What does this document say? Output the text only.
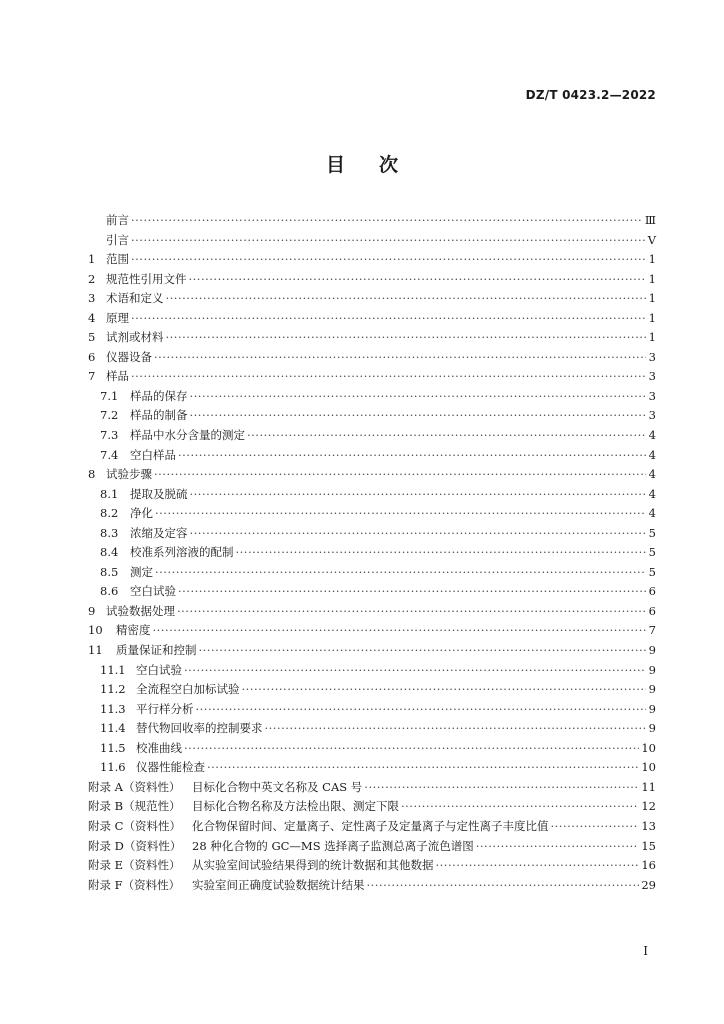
DZ/T 0423.2—2022
目 次
前言 ·····	Ⅲ
引言 ·····	Ⅴ
1 范围 ·····	1
2 规范性引用文件 ·····	1
3 术语和定义 ·····	1
4 原理 ·····	1
5 试剂或材料 ·····	1
6 仪器设备 ·····	3
7 样品 ·····	3
7.1	样品的保存 ·····	3
7.2	样品的制备 ·····	3
7.3	样品中水分含量的测定 ·····	4
7.4	空白样品 ·····	4
8 试验步骤 ·····	4
8.1	提取及脱硫 ·····	4
8.2	净化 ·····	4
8.3	浓缩及定容 ·····	5
8.4	校准系列溶液的配制 ·····	5
8.5	测定 ·····	5
8.6	空白试验 ·····	6
9 试验数据处理 ·····	6
10	精密度 ·····	7
11	质量保证和控制 ·····	9
11.1 空白试验 ·····	9
11.2 全流程空白加标试验 ·····	9
11.3 平行样分析 ·····	9
11.4 替代物回收率的控制要求 ·····	9
11.5 校准曲线 ·····	10
11.6 仪器性能检查 ·····	10
附录 A（资料性）	目标化合物中英文名称及 CAS 号 ·····	11
附录 B（规范性） 目标化合物名称及方法检出限、测定下限 ·····	12
附录 C（资料性） 化合物保留时间、定量离子、定性离子及定量离子与定性离子丰度比值 ·····	13
附录 D（资料性） 28 种化合物的 GC—MS 选择离子监测总离子流色谱图 ·····	15
附录 E（资料性） 从实验室间试验结果得到的统计数据和其他数据 ·····	16
附录 F（资料性）	实验室间正确度试验数据统计结果 ·····	29
Ⅰ
